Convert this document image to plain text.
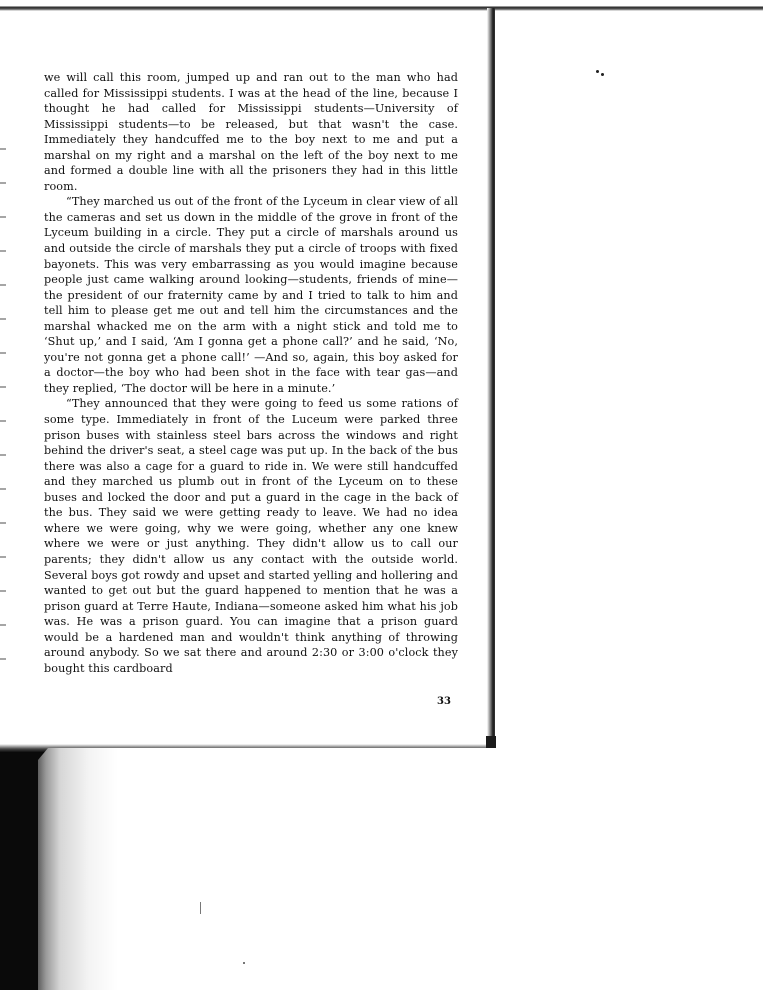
we will call this room, jumped up and ran out to the man who had called for Mississippi students. I was at the head of the line, because I thought he had called for Mississippi students—University of Mississippi students—to be released, but that wasn't the case. Immediately they handcuffed me to the boy next to me and put a marshal on my right and a marshal on the left of the boy next to me and formed a double line with all the prisoners they had in this little room.

“They marched us out of the front of the Lyceum in clear view of all the cameras and set us down in the middle of the grove in front of the Lyceum building in a circle. They put a circle of marshals around us and outside the circle of marshals they put a circle of troops with fixed bayonets. This was very embarrassing as you would imagine because people just came walking around looking—students, friends of mine—the president of our fraternity came by and I tried to talk to him and tell him to please get me out and tell him the circumstances and the marshal whacked me on the arm with a night stick and told me to ‘Shut up,’ and I said, ‘Am I gonna get a phone call?’ and he said, ‘No, you're not gonna get a phone call!’ —And so, again, this boy asked for a doctor—the boy who had been shot in the face with tear gas—and they replied, ‘The doctor will be here in a minute.’

“They announced that they were going to feed us some rations of some type. Immediately in front of the Luceum were parked three prison buses with stainless steel bars across the windows and right behind the driver's seat, a steel cage was put up. In the back of the bus there was also a cage for a guard to ride in. We were still handcuffed and they marched us plumb out in front of the Lyceum on to these buses and locked the door and put a guard in the cage in the back of the bus. They said we were getting ready to leave. We had no idea where we were going, why we were going, whether any one knew where we were or just anything. They didn't allow us to call our parents; they didn't allow us any contact with the outside world. Several boys got rowdy and upset and started yelling and hollering and wanted to get out but the guard happened to mention that he was a prison guard at Terre Haute, Indiana—someone asked him what his job was. He was a prison guard. You can imagine that a prison guard would be a hardened man and wouldn't think anything of throwing around anybody. So we sat there and around 2:30 or 3:00 o'clock they bought this cardboard

33
